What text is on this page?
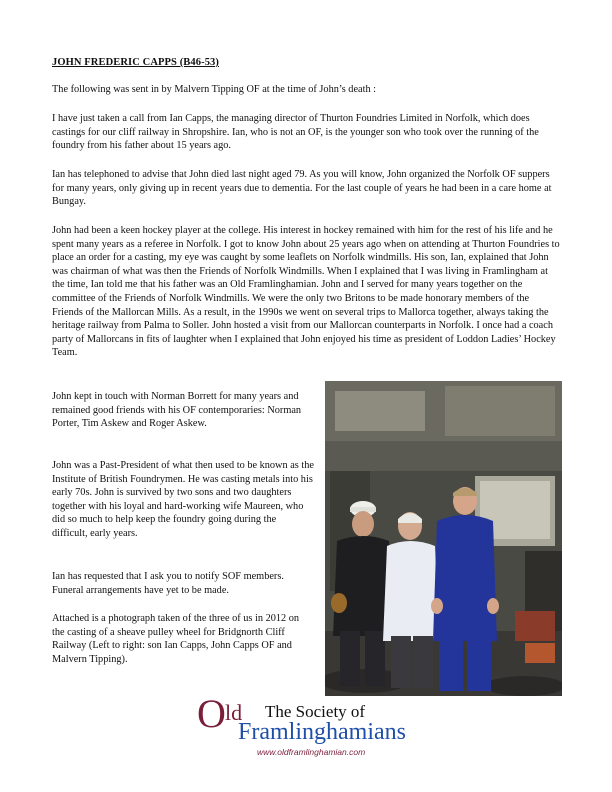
JOHN FREDERIC CAPPS (B46-53)

The following was sent in by Malvern Tipping OF at the time of John’s death :

I have just taken a call from Ian Capps, the managing director of Thurton Foundries Limited in Norfolk, which does castings for our cliff railway in Shropshire. Ian, who is not an OF, is the younger son who took over the running of the foundry from his father about 15 years ago.

Ian has telephoned to advise that John died last night aged 79. As you will know, John organized the Norfolk OF suppers for many years, only giving up in recent years due to dementia. For the last couple of years he had been in a care home at Bungay.

John had been a keen hockey player at the college. His interest in hockey remained with him for the rest of his life and he spent many years as a referee in Norfolk. I got to know John about 25 years ago when on attending at Thurton Foundries to place an order for a casting, my eye was caught by some leaflets on Norfolk windmills. His son, Ian, explained that John was chairman of what was then the Friends of Norfolk Windmills. When I explained that I was living in Framlingham at the time, Ian told me that his father was an Old Framlinghamian. John and I served for many years together on the committee of the Friends of Norfolk Windmills. We were the only two Britons to be made honorary members of the Friends of the Mallorcan Mills. As a result, in the 1990s we went on several trips to Mallorca together, always taking the heritage railway from Palma to Soller. John hosted a visit from our Mallorcan counterparts in Norfolk. I once had a coach party of Mallorcans in fits of laughter when I explained that John enjoyed his time as president of Loddon Ladies’ Hockey Team.

John kept in touch with Norman Borrett for many years and remained good friends with his OF contemporaries: Norman Porter, Tim Askew and Roger Askew.

John was a Past-President of what then used to be known as the Institute of British Foundrymen. He was casting metals into his early 70s. John is survived by two sons and two daughters together with his loyal and hard-working wife Maureen, who did so much to help keep the foundry going during the difficult, early years.

Ian has requested that I ask you to notify SOF members. Funeral arrangements have yet to be made.

Attached is a photograph taken of the three of us in 2012 on the casting of a sheave pulley wheel for Bridgnorth Cliff Railway (Left to right: son Ian Capps, John Capps OF and Malvern Tipping).

O ld The Society of
Framlinghamians
www.oldframlinghamian.com
